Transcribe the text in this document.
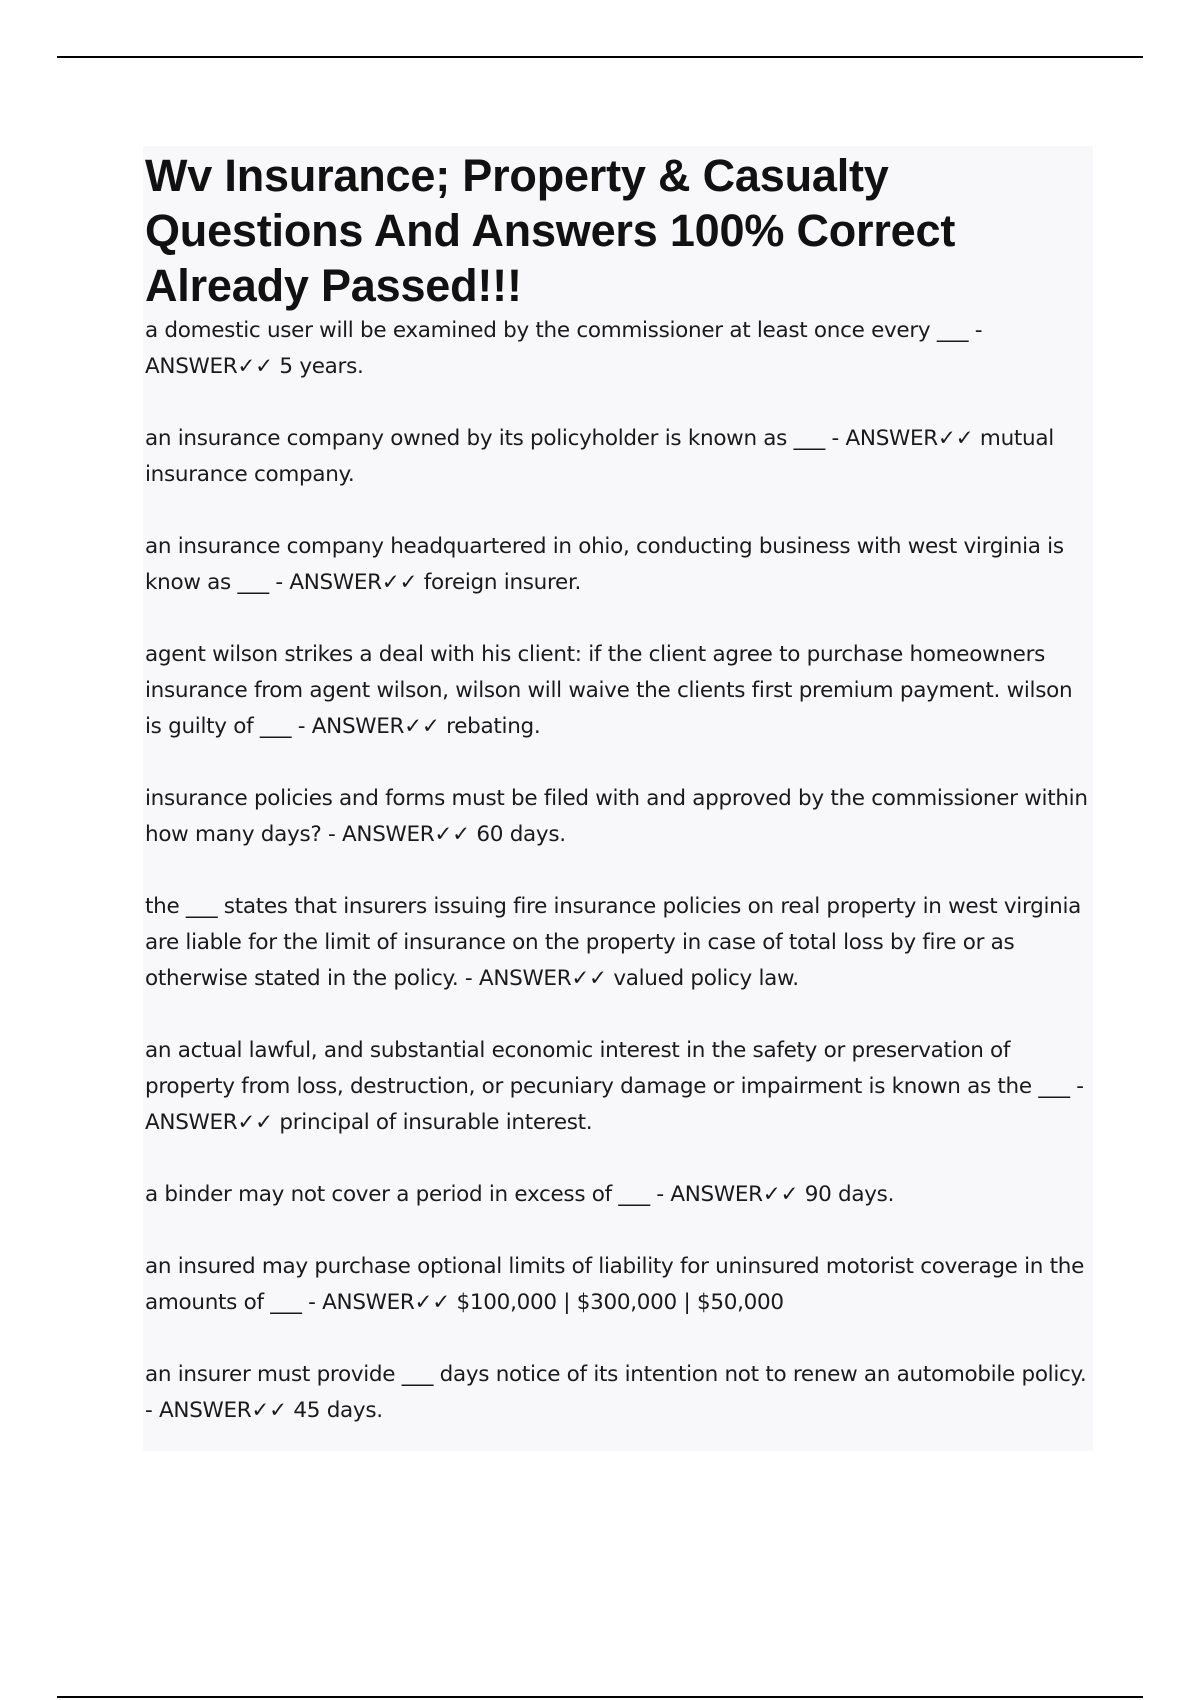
Wv Insurance; Property & Casualty Questions And Answers 100% Correct Already Passed!!!
a domestic user will be examined by the commissioner at least once every ___ - ANSWER✓✓ 5 years.
an insurance company owned by its policyholder is known as ___ - ANSWER✓✓ mutual insurance company.
an insurance company headquartered in ohio, conducting business with west virginia is know as ___ - ANSWER✓✓ foreign insurer.
agent wilson strikes a deal with his client: if the client agree to purchase homeowners insurance from agent wilson, wilson will waive the clients first premium payment. wilson is guilty of ___ - ANSWER✓✓ rebating.
insurance policies and forms must be filed with and approved by the commissioner within how many days? - ANSWER✓✓ 60 days.
the ___ states that insurers issuing fire insurance policies on real property in west virginia are liable for the limit of insurance on the property in case of total loss by fire or as otherwise stated in the policy. - ANSWER✓✓ valued policy law.
an actual lawful, and substantial economic interest in the safety or preservation of property from loss, destruction, or pecuniary damage or impairment is known as the ___ - ANSWER✓✓ principal of insurable interest.
a binder may not cover a period in excess of ___ - ANSWER✓✓ 90 days.
an insured may purchase optional limits of liability for uninsured motorist coverage in the amounts of ___ - ANSWER✓✓ $100,000 | $300,000 | $50,000
an insurer must provide ___ days notice of its intention not to renew an automobile policy. - ANSWER✓✓ 45 days.
